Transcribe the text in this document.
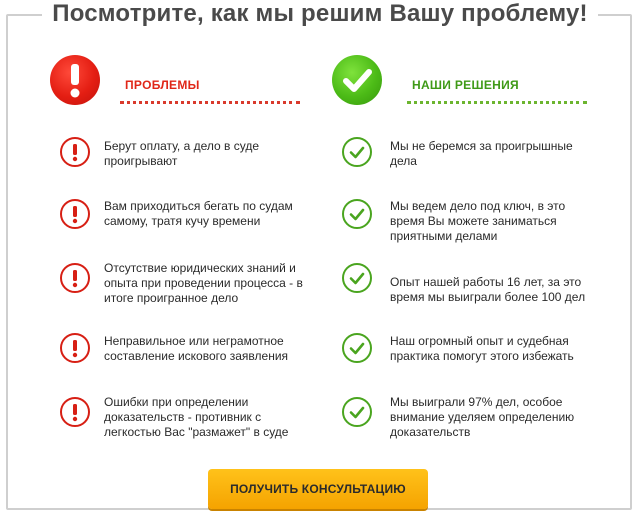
Посмотрите, как мы решим Вашу проблему!
ПРОБЛЕМЫ	НАШИ РЕШЕНИЯ
Берут оплату, а дело в суде
проигрывают
Вам приходиться бегать по судам
самому, тратя кучу времени
Отсутствие юридических знаний и
опыта при проведении процесса - в
итоге проигранное дело
Неправильное или неграмотное
составление искового заявления
Ошибки при определении
доказательств - противник с
легкостью Вас "размажет" в суде
Мы не беремся за проигрышные
дела
Мы ведем дело под ключ, в это
время Вы можете заниматься
приятными делами
Опыт нашей работы 16 лет, за это
время мы выиграли более 100 дел
Наш огромный опыт и судебная
практика помогут этого избежать
Мы выиграли 97% дел, особое
внимание уделяем определению
доказательств
ПОЛУЧИТЬ КОНСУЛЬТАЦИЮ
